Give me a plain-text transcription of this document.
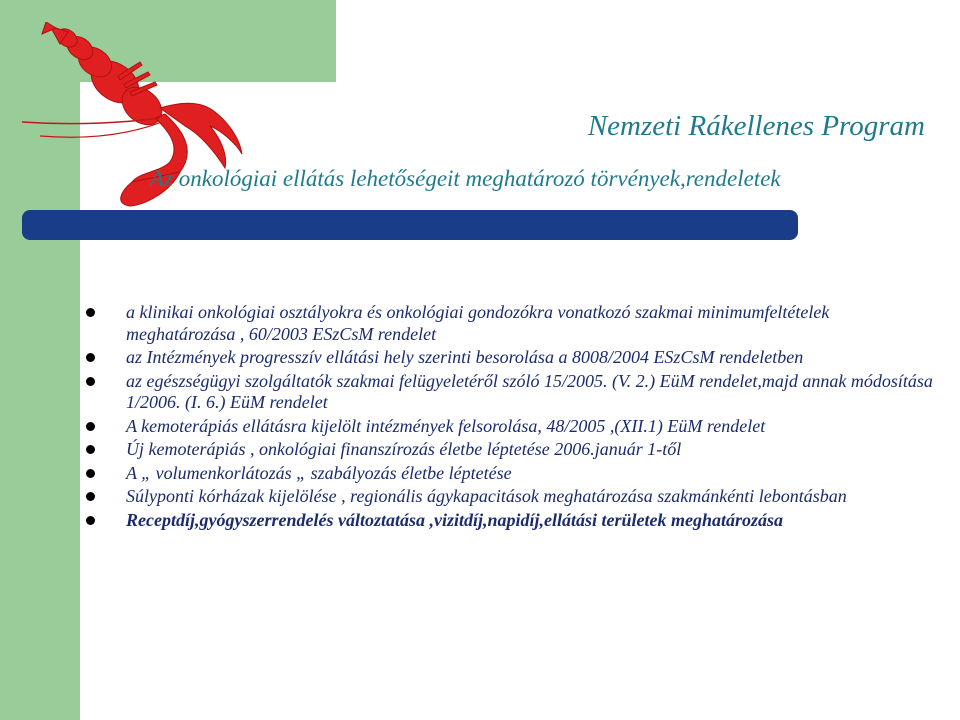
Nemzeti Rákellenes Program
Az onkológiai ellátás lehetőségeit meghatározó törvények,rendeletek
a klinikai onkológiai osztályokra és onkológiai gondozókra vonatkozó szakmai minimumfeltételek meghatározása , 60/2003 ESzCsM rendelet
az Intézmények progresszív ellátási hely szerinti besorolása a 8008/2004 ESzCsM rendeletben
az egészségügyi szolgáltatók szakmai felügyeletéről szóló 15/2005. (V. 2.) EüM rendelet,majd annak módosítása 1/2006. (I. 6.) EüM rendelet
A kemoterápiás ellátásra kijelölt intézmények felsorolása, 48/2005 ,(XII.1) EüM rendelet
Új kemoterápiás , onkológiai finanszírozás életbe léptetése 2006.január 1-től
A „ volumenkorlátozás „ szabályozás életbe léptetése
Súlyponti kórházak kijelölése , regionális ágykapacitások meghatározása szakmánkénti lebontásban
Receptdíj,gyógyszerrendelés változtatása ,vizitdíj,napidíj,ellátási területek meghatározása
